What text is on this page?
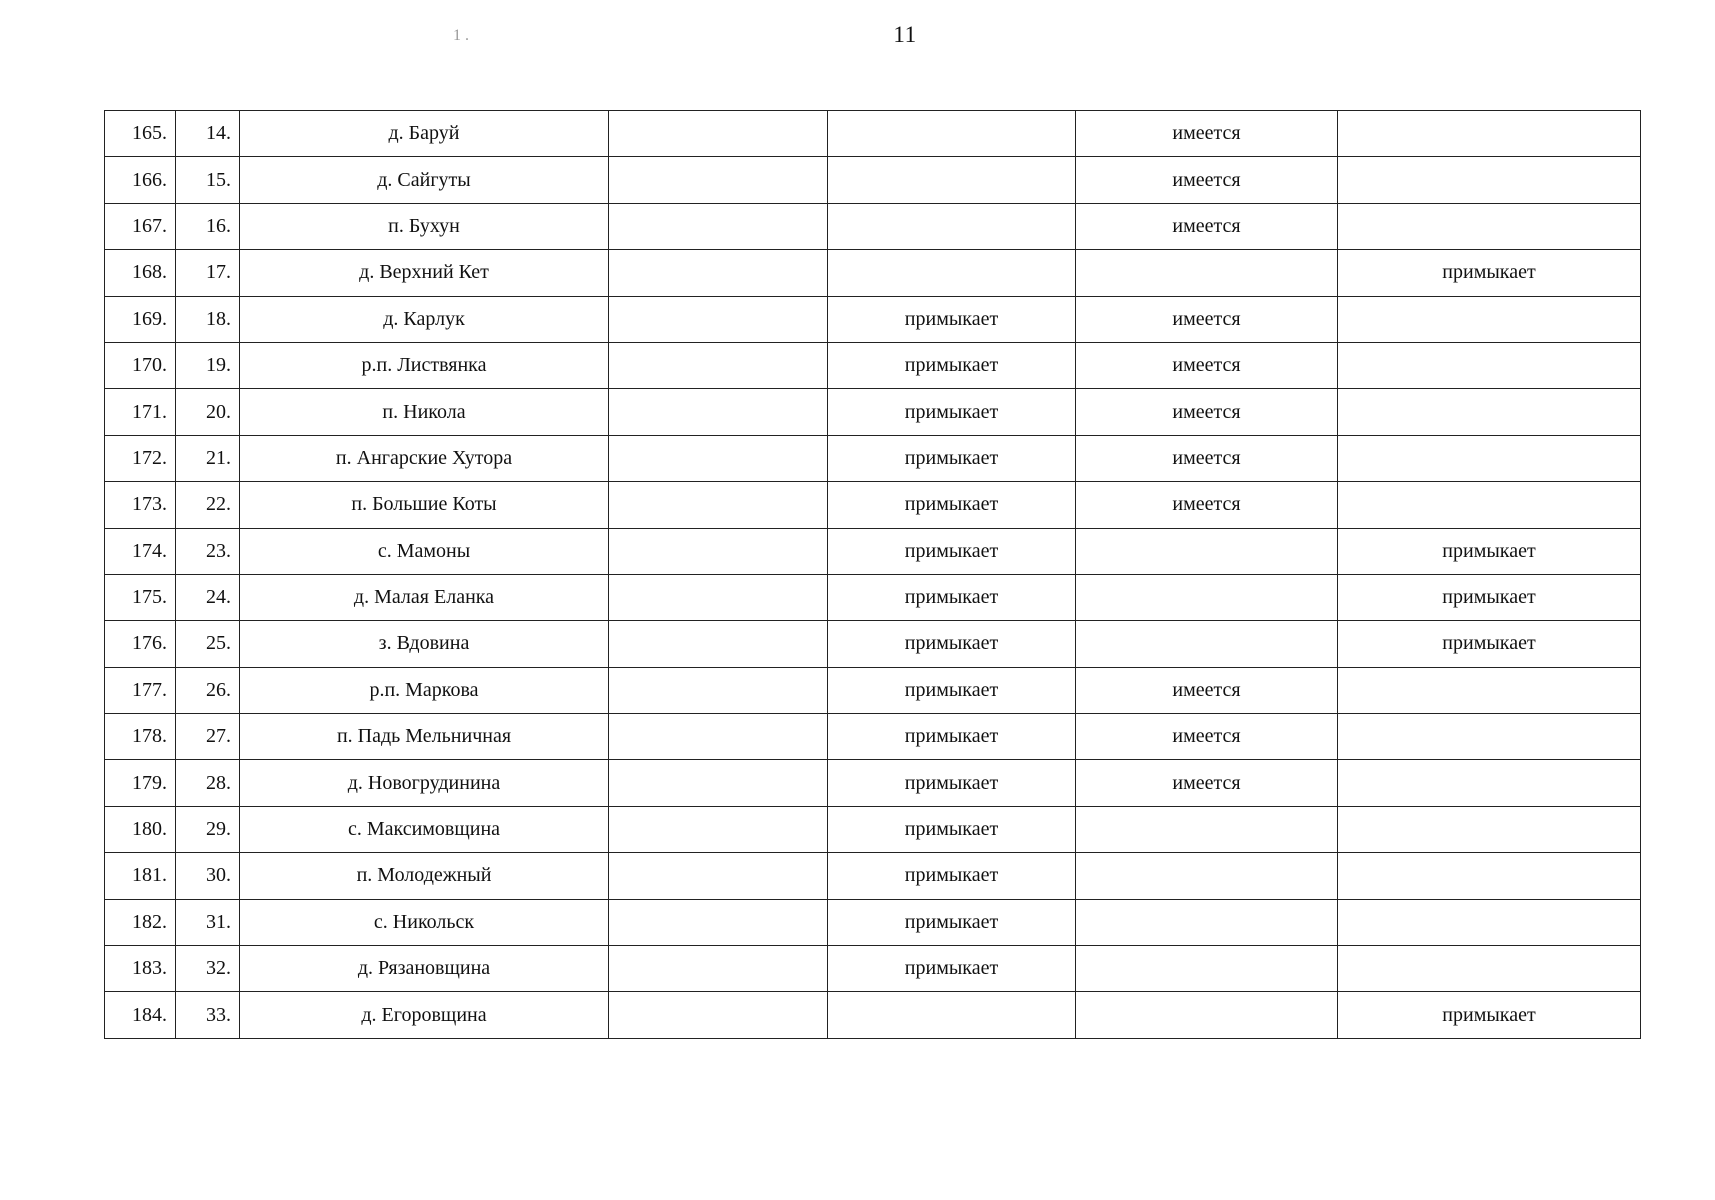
11
1 .
165.	14.	д. Баруй			имеется	
166.	15.	д. Сайгуты			имеется	
167.	16.	п. Бухун			имеется	
168.	17.	д. Верхний Кет				примыкает
169.	18.	д. Карлук		примыкает	имеется	
170.	19.	р.п. Листвянка		примыкает	имеется	
171.	20.	п. Никола		примыкает	имеется	
172.	21.	п. Ангарские Хутора		примыкает	имеется	
173.	22.	п. Большие Коты		примыкает	имеется	
174.	23.	с. Мамоны		примыкает		примыкает
175.	24.	д. Малая Еланка		примыкает		примыкает
176.	25.	з. Вдовина		примыкает		примыкает
177.	26.	р.п. Маркова		примыкает	имеется	
178.	27.	п. Падь Мельничная		примыкает	имеется	
179.	28.	д. Новогрудинина		примыкает	имеется	
180.	29.	с. Максимовщина		примыкает		
181.	30.	п. Молодежный		примыкает		
182.	31.	с. Никольск		примыкает		
183.	32.	д. Рязановщина		примыкает		
184.	33.	д. Егоровщина				примыкает
